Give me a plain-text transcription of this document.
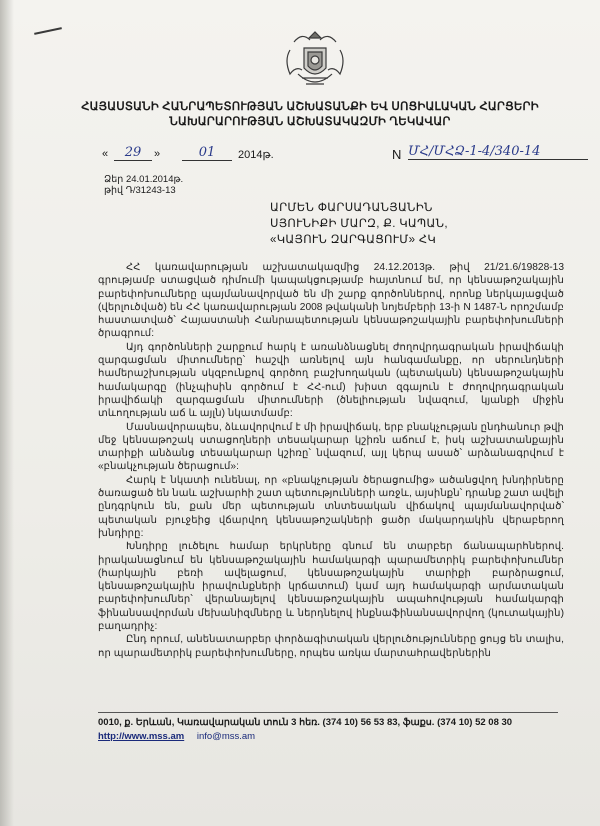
ՀԱՅԱՍՏԱՆԻ ՀԱՆՐԱՊԵՏՈՒԹՅԱՆ ԱՇԽԱՏԱՆՔԻ ԵՎ ՍՈՑԻԱԼԱԿԱՆ ՀԱՐՑԵՐԻ
ՆԱԽԱՐԱՐՈՒԹՅԱՆ ԱՇԽԱՏԱԿԱԶՄԻ ՂԵԿԱՎԱՐ
«	29	»	01	2014թ.	N ՄՀ/ՄՀՁ-1-4/340-14
Ձեր 24.01.2014թ.
թիվ Դ/31243-13
ԱՐՄԵՆ ՓԱՐՍԱԴԱՆՅԱՆԻՆ
ՍՅՈՒՆԻՔԻ ՄԱՐԶ, Ք. ԿԱՊԱՆ,
«ԿԱՅՈՒՆ ԶԱՐԳԱՑՈՒՄ» ՀԿ

ՀՀ կառավարության աշխատակազմից 24.12.2013թ. թիվ 21/21.6/19828-13 գրությամբ ստացված դիմումի կապակցությամբ հայտնում եմ, որ կենսաթոշակային բարեփոխումները պայմանավորված են մի շարք գործոններով, որոնք ներկայացված (վերլուծված) են ՀՀ կառավարության 2008 թվականի նոյեմբերի 13-ի N 1487-Ն որոշմամբ հաստատված՝ Հայաստանի Հանրապետության կենսաթոշակային բարեփոխումների ծրագրում:

Այդ գործոնների շարքում հարկ է առանձնացնել ժողովրդագրական իրավիճակի զարգացման միտումները՝ հաշվի առնելով այն հանգամանքը, որ սերունդների համերաշխության սկզբունքով գործող բաշխողական (պետական) կենսաթոշակային համակարգը (ինչպիսին գործում է ՀՀ-ում) խիստ զգայուն է ժողովրդագրական իրավիճակի զարգացման միտումների (ծնելիության նվազում, կյանքի միջին տևողության աճ և այլն) նկատմամբ:

Մասնավորապես, ձևավորվում է մի իրավիճակ, երբ բնակչության ընդհանուր թվի մեջ կենսաթոշակ ստացողների տեսակարար կշիռն աճում է, իսկ աշխատանքային տարիքի անձանց տեսակարար կշիռը՝ նվազում, այլ կերպ ասած՝ արձանագրվում է «բնակչության ծերացում»:

Հարկ է նկատի ունենալ, որ «բնակչության ծերացումից» ածանցվող խնդիրները ծառացած են նաև աշխարհի շատ պետությունների առջև, այսինքն՝ դրանք շատ ավելի ընդգրկուն են, քան մեր պետության տնտեսական վիճակով պայմանավորված՝ պետական բյուջեից վճարվող կենսաթոշակների ցածր մակարդակին վերաբերող խնդիրը:

Խնդիրը լուծելու համար երկրները գնում են տարբեր ճանապարհներով. իրականացնում են կենսաթոշակային համակարգի պարամետրիկ բարեփոխումներ (հարկային բեռի ավելացում, կենսաթոշակային տարիքի բարձրացում, կենսաթոշակային իրավունքների կրճատում) կամ այդ համակարգի արմատական բարեփոխումներ՝ վերանայելով կենսաթոշակային ապահովության համակարգի ֆինանսավորման մեխանիզմները և ներդնելով ինքնաֆինանսավորվող (կուտակային) բաղադրիչ:

Ընդ որում, անենատարբեր փորձագիտական վերլուծությունները ցույց են տալիս, որ պարամետրիկ բարեփոխումները, որպես առկա մարտահրավերներին

0010, ք. Երևան, Կառավարական տուն 3 հեռ. (374 10) 56 53 83, ֆաքս. (374 10) 52 08 30
http://www.mss.am info@mss.am
